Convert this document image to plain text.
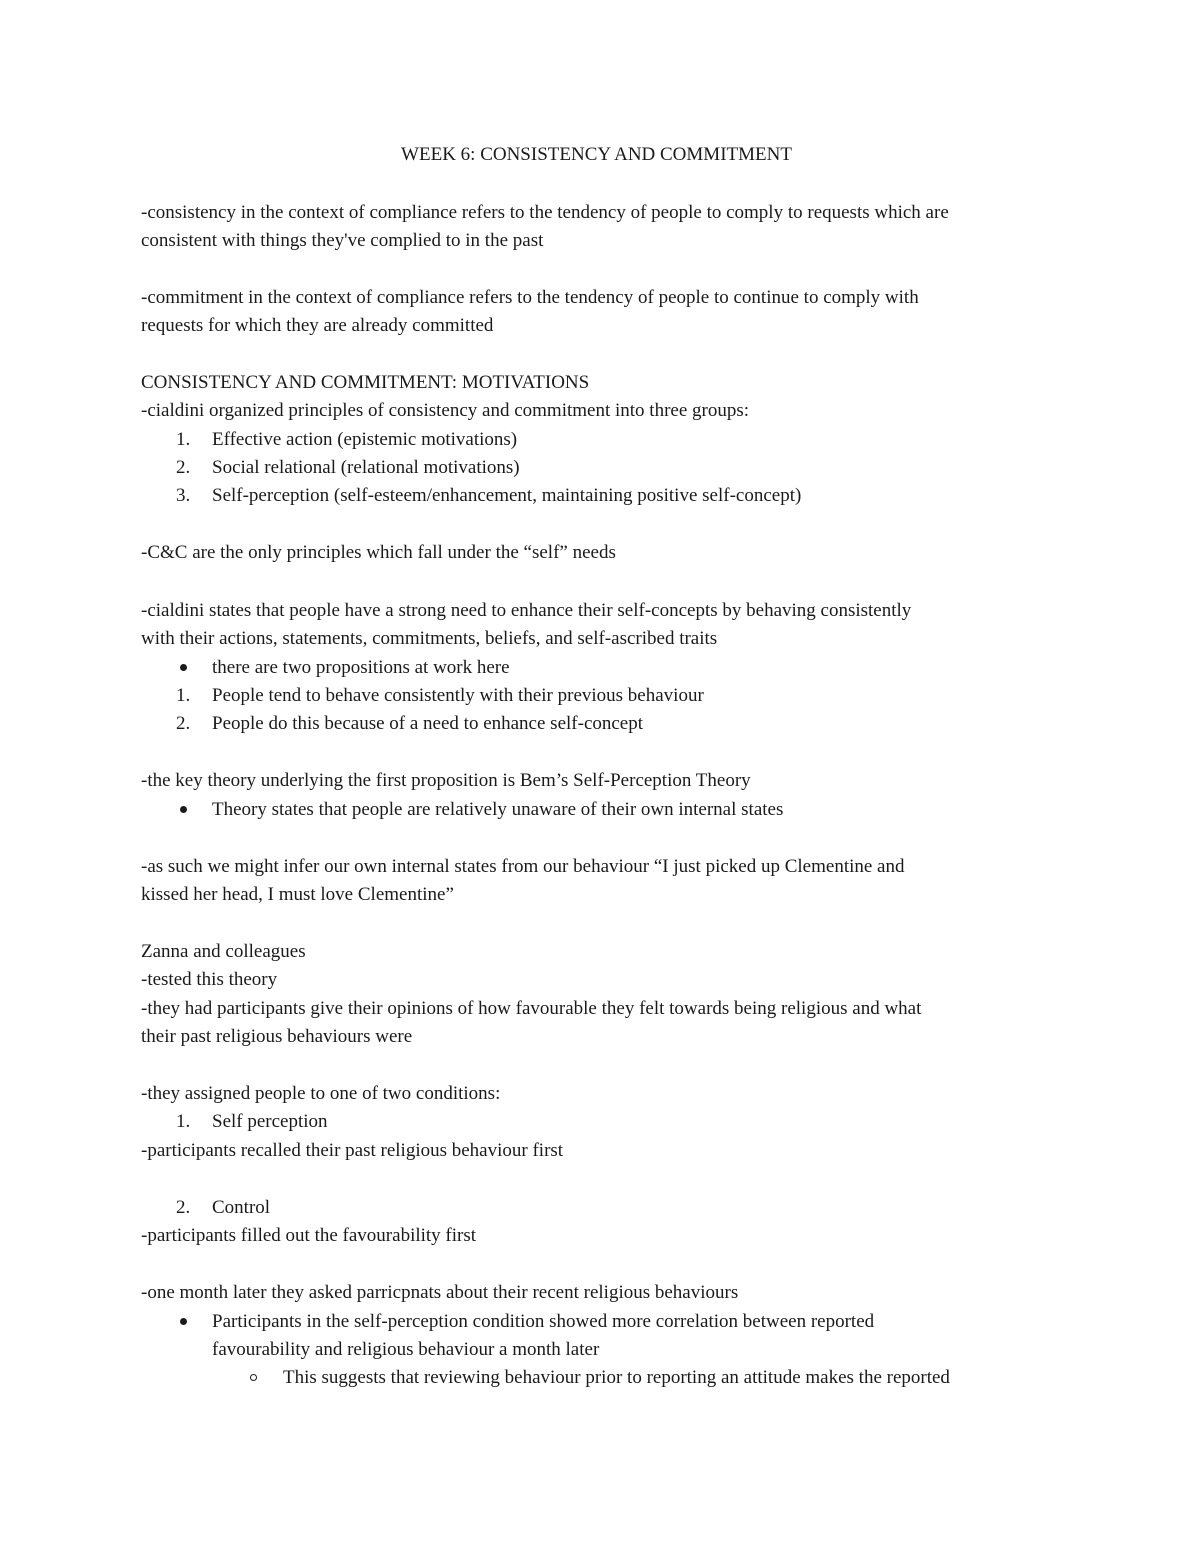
WEEK 6: CONSISTENCY AND COMMITMENT
-consistency in the context of compliance refers to the tendency of people to comply to requests which are
consistent with things they've complied to in the past
-commitment in the context of compliance refers to the tendency of people to continue to comply with
requests for which they are already committed
CONSISTENCY AND COMMITMENT: MOTIVATIONS
-cialdini organized principles of consistency and commitment into three groups:
1. Effective action (epistemic motivations)
2. Social relational (relational motivations)
3. Self-perception (self-esteem/enhancement, maintaining positive self-concept)
-C&C are the only principles which fall under the “self” needs
-cialdini states that people have a strong need to enhance their self-concepts by behaving consistently
with their actions, statements, commitments, beliefs, and self-ascribed traits
there are two propositions at work here
1. People tend to behave consistently with their previous behaviour
2. People do this because of a need to enhance self-concept
-the key theory underlying the first proposition is Bem’s Self-Perception Theory
Theory states that people are relatively unaware of their own internal states
-as such we might infer our own internal states from our behaviour “I just picked up Clementine and
kissed her head, I must love Clementine”
Zanna and colleagues
-tested this theory
-they had participants give their opinions of how favourable they felt towards being religious and what
their past religious behaviours were
-they assigned people to one of two conditions:
1. Self perception
-participants recalled their past religious behaviour first
2. Control
-participants filled out the favourability first
-one month later they asked parricpnats about their recent religious behaviours
Participants in the self-perception condition showed more correlation between reported
favourability and religious behaviour a month later
This suggests that reviewing behaviour prior to reporting an attitude makes the reported
